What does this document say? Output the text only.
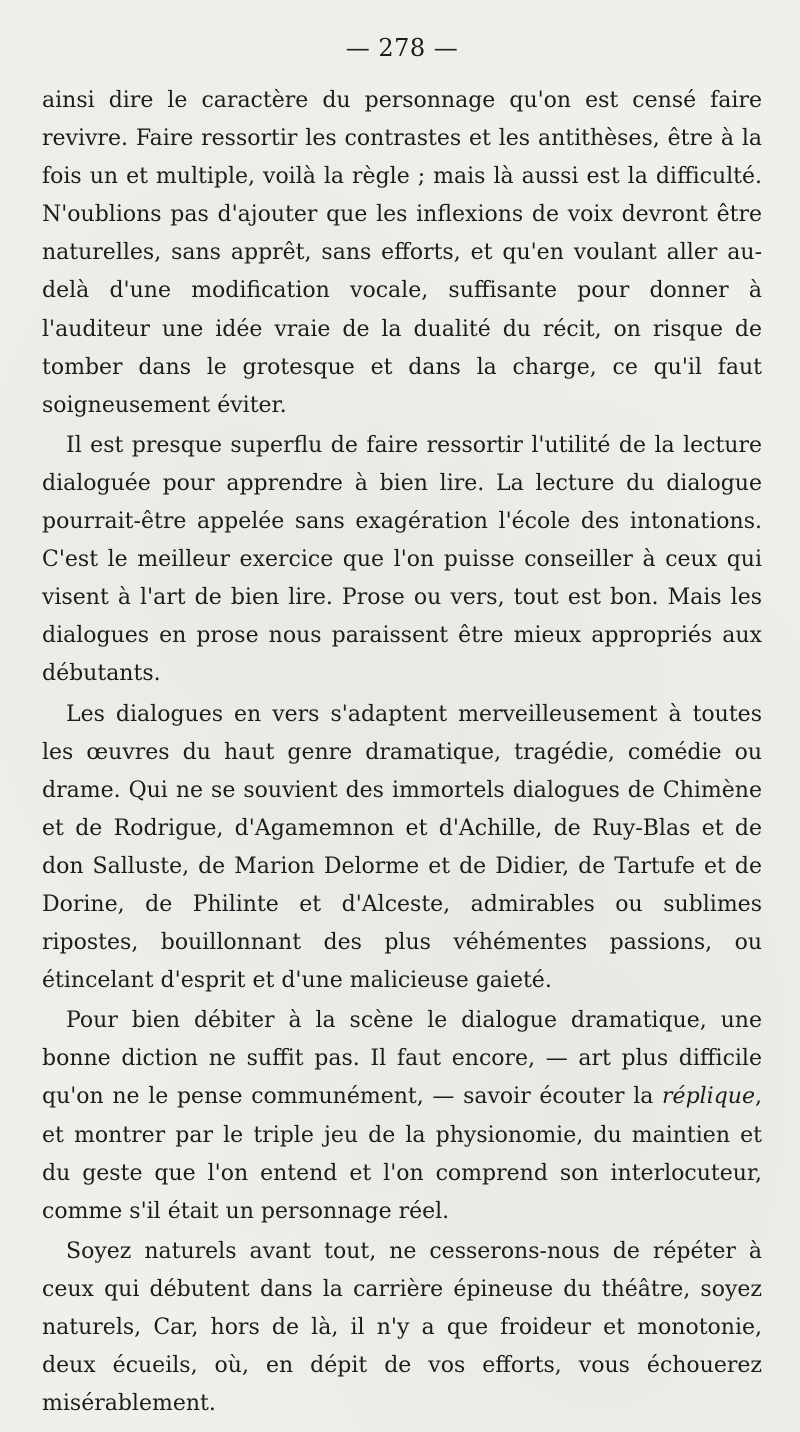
— 278 —

ainsi dire le caractère du personnage qu'on est censé faire revivre. Faire ressortir les contrastes et les antithèses, être à la fois un et multiple, voilà la règle ; mais là aussi est la difficulté. N'oublions pas d'ajouter que les inflexions de voix devront être naturelles, sans apprêt, sans efforts, et qu'en voulant aller au-delà d'une modification vocale, suffisante pour donner à l'auditeur une idée vraie de la dualité du récit, on risque de tomber dans le grotesque et dans la charge, ce qu'il faut soigneusement éviter.

Il est presque superflu de faire ressortir l'utilité de la lecture dialoguée pour apprendre à bien lire. La lecture du dialogue pourrait-être appelée sans exagération l'école des intonations. C'est le meilleur exercice que l'on puisse conseiller à ceux qui visent à l'art de bien lire. Prose ou vers, tout est bon. Mais les dialogues en prose nous paraissent être mieux appropriés aux débutants.

Les dialogues en vers s'adaptent merveilleusement à toutes les œuvres du haut genre dramatique, tragédie, comédie ou drame. Qui ne se souvient des immortels dialogues de Chimène et de Rodrigue, d'Agamemnon et d'Achille, de Ruy-Blas et de don Salluste, de Marion Delorme et de Didier, de Tartufe et de Dorine, de Philinte et d'Alceste, admirables ou sublimes ripostes, bouillonnant des plus véhémentes passions, ou étincelant d'esprit et d'une malicieuse gaieté.

Pour bien débiter à la scène le dialogue dramatique, une bonne diction ne suffit pas. Il faut encore, — art plus difficile qu'on ne le pense communément, — savoir écouter la réplique, et montrer par le triple jeu de la physionomie, du maintien et du geste que l'on entend et l'on comprend son interlocuteur, comme s'il était un personnage réel.

Soyez naturels avant tout, ne cesserons-nous de répéter à ceux qui débutent dans la carrière épineuse du théâtre, soyez naturels, Car, hors de là, il n'y a que froideur et monotonie, deux écueils, où, en dépit de vos efforts, vous échouerez misérablement.
